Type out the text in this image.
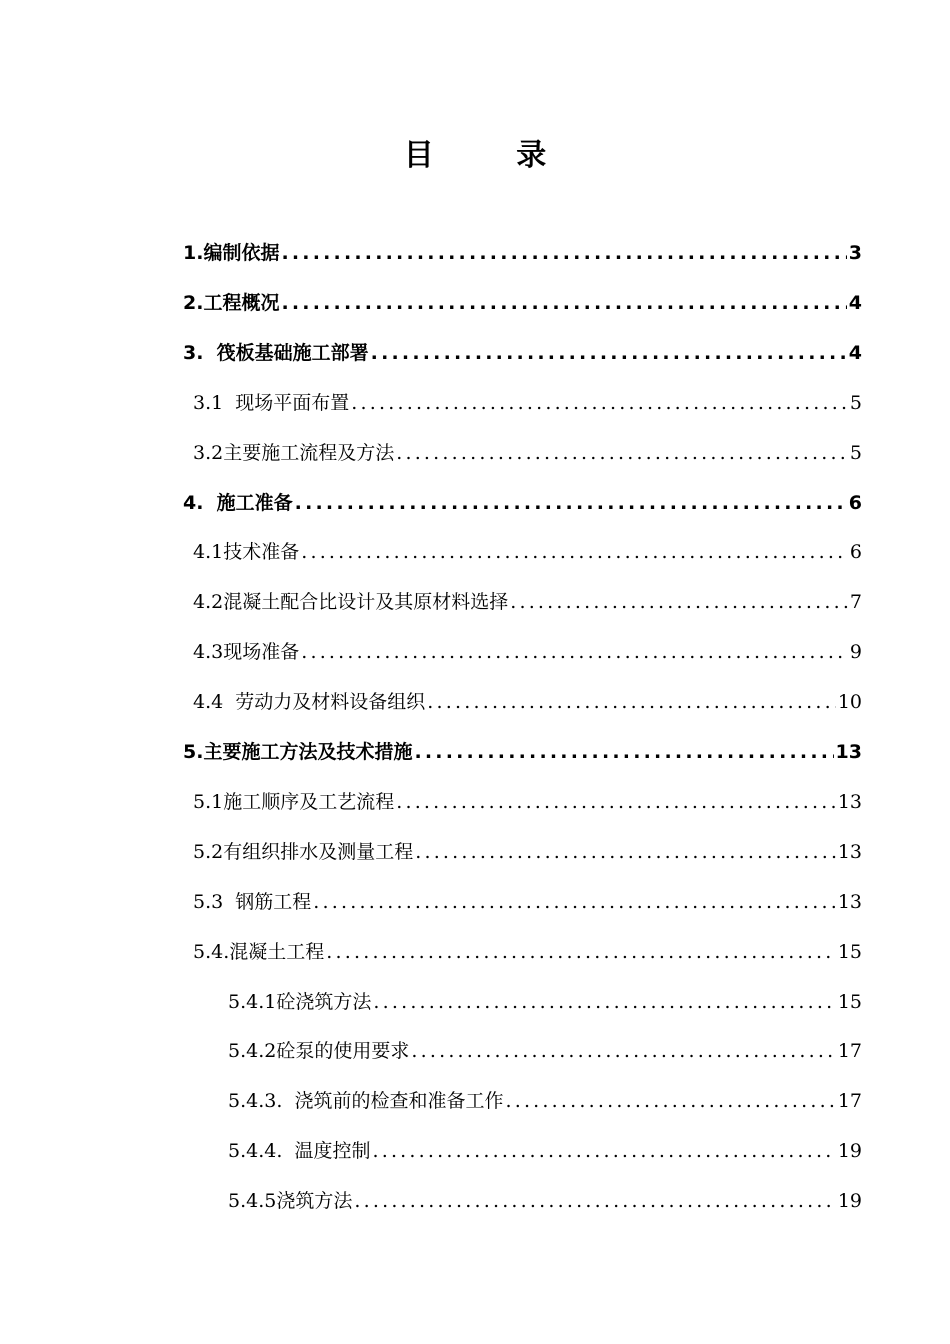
目 录
1.编制依据 .....	3
2.工程概况 .....	4
3.  筏板基础施工部署 .....	4
3.1  现场平面布置 .....	5
3.2主要施工流程及方法 .....	5
4.  施工准备 .....	6
4.1技术准备 .....	6
4.2混凝土配合比设计及其原材料选择 .....	7
4.3现场准备 .....	9
4.4  劳动力及材料设备组织 .....	10
5.主要施工方法及技术措施 .....	13
5.1施工顺序及工艺流程 .....	13
5.2有组织排水及测量工程 .....	13
5.3  钢筋工程 .....	13
5.4.混凝土工程 .....	15
5.4.1砼浇筑方法 .....	15
5.4.2砼泵的使用要求 .....	17
5.4.3.  浇筑前的检查和准备工作 .....	17
5.4.4.  温度控制 .....	19
5.4.5浇筑方法 .....	19
